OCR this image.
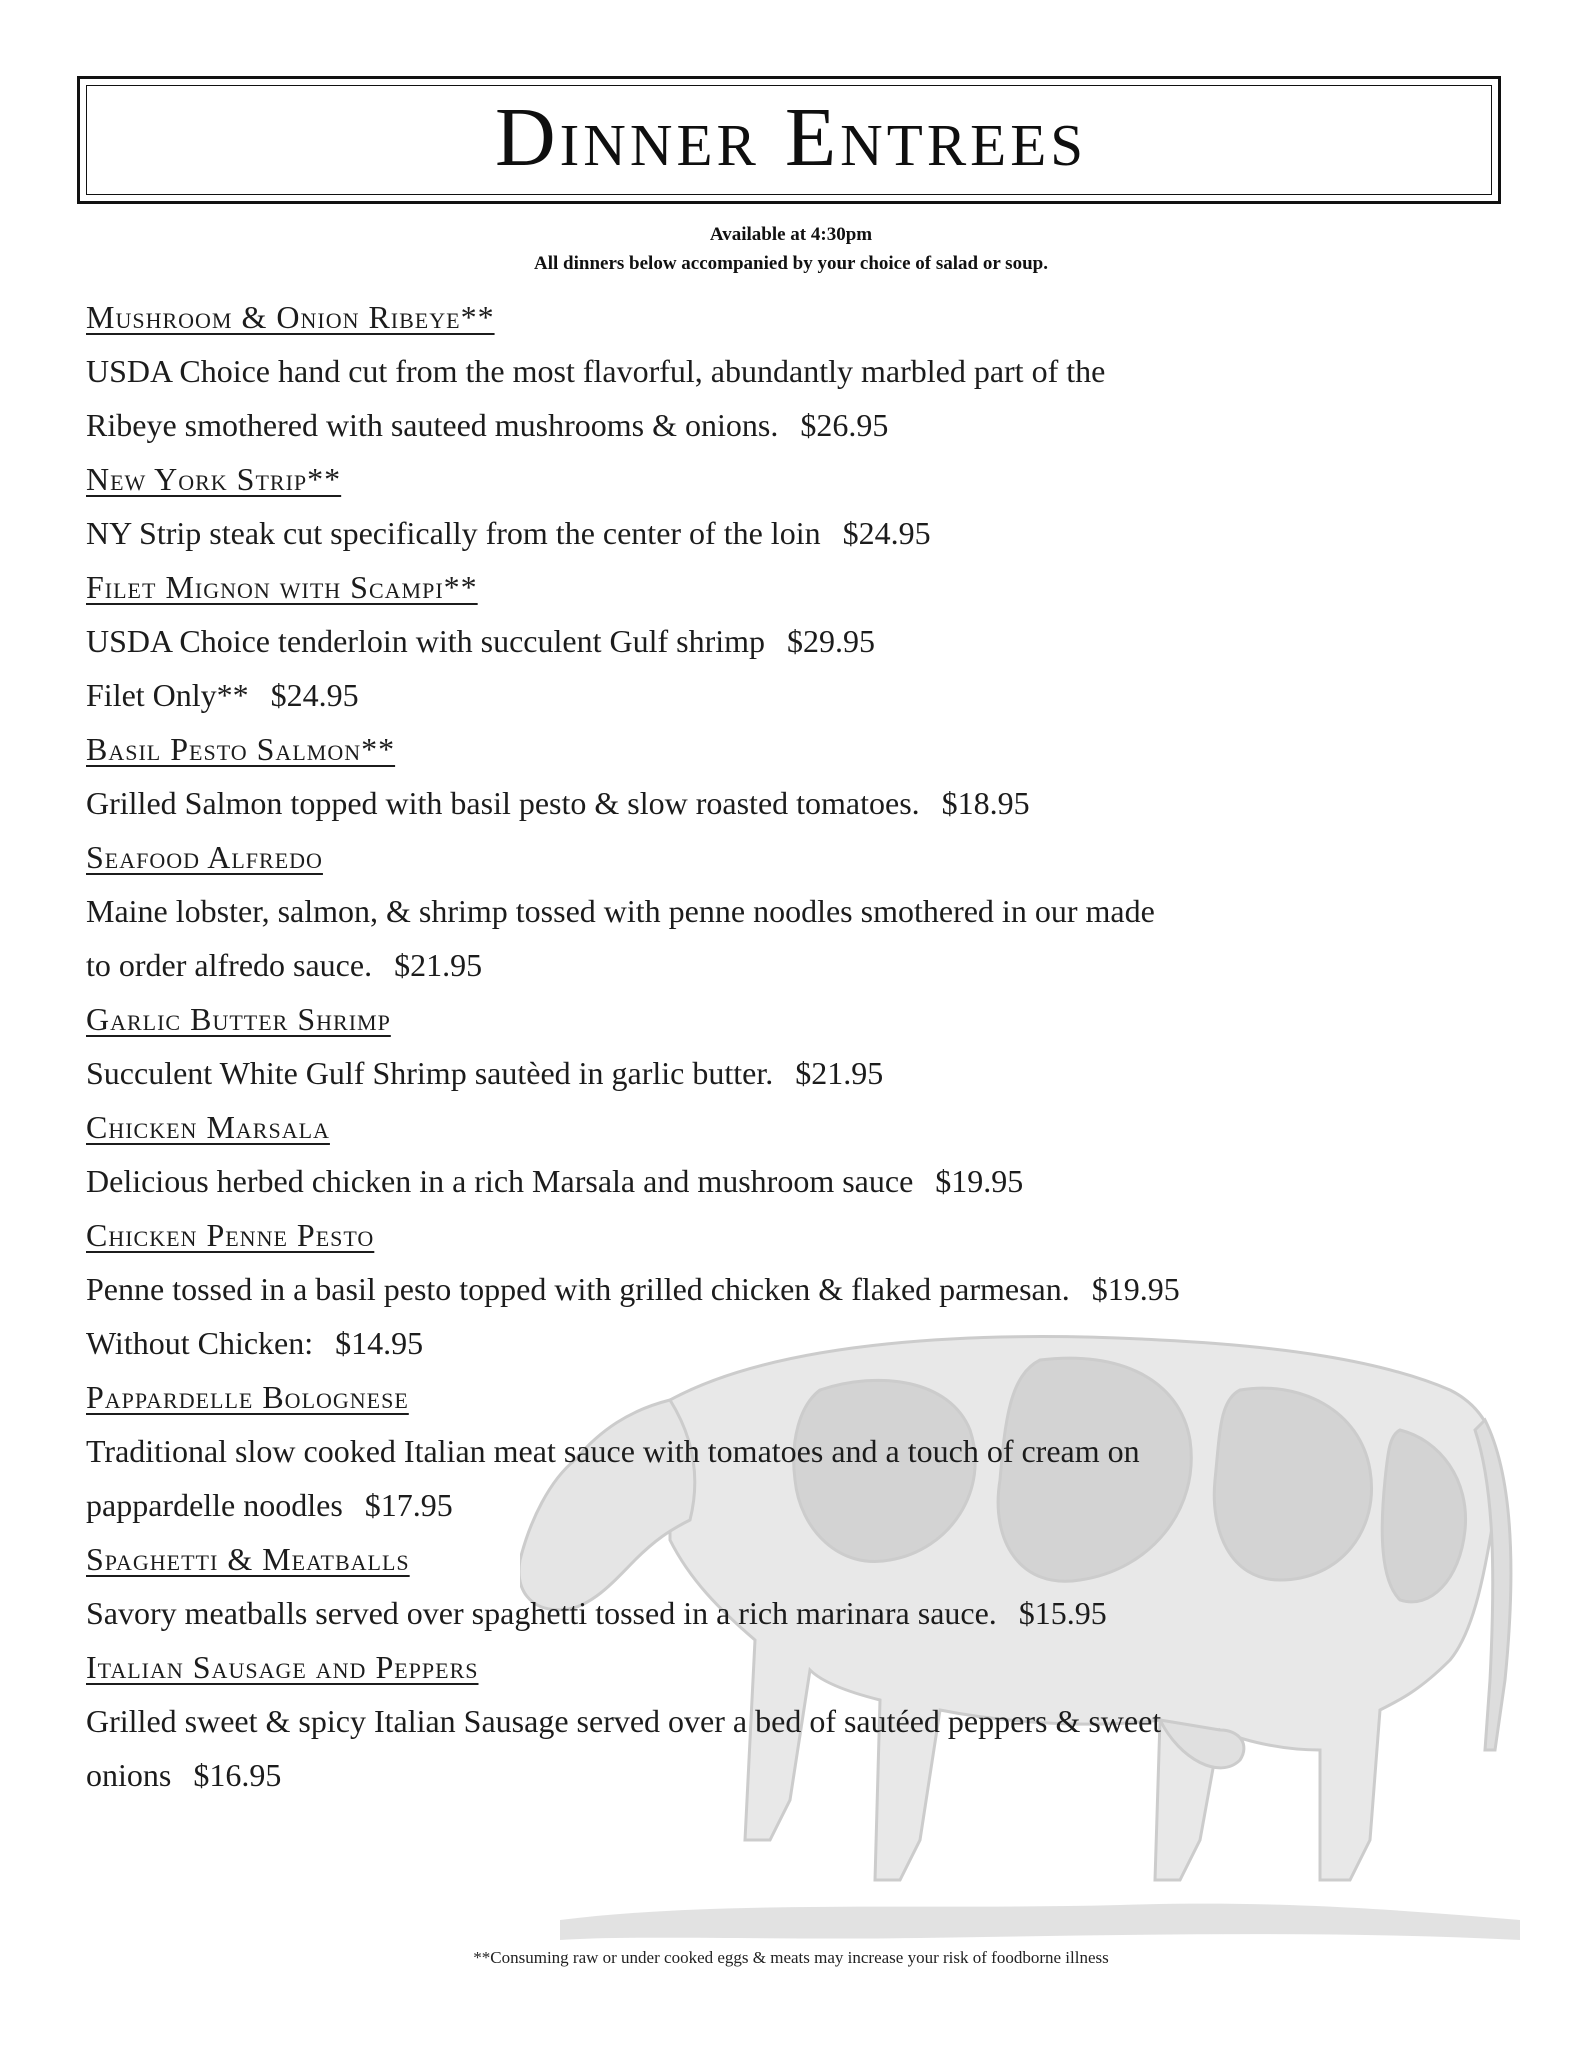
Dinner Entrees
Available at 4:30pm
All dinners below accompanied by your choice of salad or soup.
Mushroom & Onion Ribeye**
USDA Choice hand cut from the most flavorful, abundantly marbled part of the
Ribeye smothered with sauteed mushrooms & onions. $26.95
New York Strip**
NY Strip steak cut specifically from the center of the loin $24.95
Filet Mignon with Scampi**
USDA Choice tenderloin with succulent Gulf shrimp $29.95
Filet Only** $24.95
Basil Pesto Salmon**
Grilled Salmon topped with basil pesto & slow roasted tomatoes. $18.95
Seafood Alfredo
Maine lobster, salmon, & shrimp tossed with penne noodles smothered in our made
to order alfredo sauce. $21.95
Garlic Butter Shrimp
Succulent White Gulf Shrimp sautèed in garlic butter. $21.95
Chicken Marsala
Delicious herbed chicken in a rich Marsala and mushroom sauce $19.95
Chicken Penne Pesto
Penne tossed in a basil pesto topped with grilled chicken & flaked parmesan. $19.95
Without Chicken: $14.95
Pappardelle Bolognese
Traditional slow cooked Italian meat sauce with tomatoes and a touch of cream on
pappardelle noodles $17.95
Spaghetti & Meatballs
Savory meatballs served over spaghetti tossed in a rich marinara sauce. $15.95
Italian Sausage and Peppers
Grilled sweet & spicy Italian Sausage served over a bed of sautéed peppers & sweet
onions $16.95
**Consuming raw or under cooked eggs & meats may increase your risk of foodborne illness
